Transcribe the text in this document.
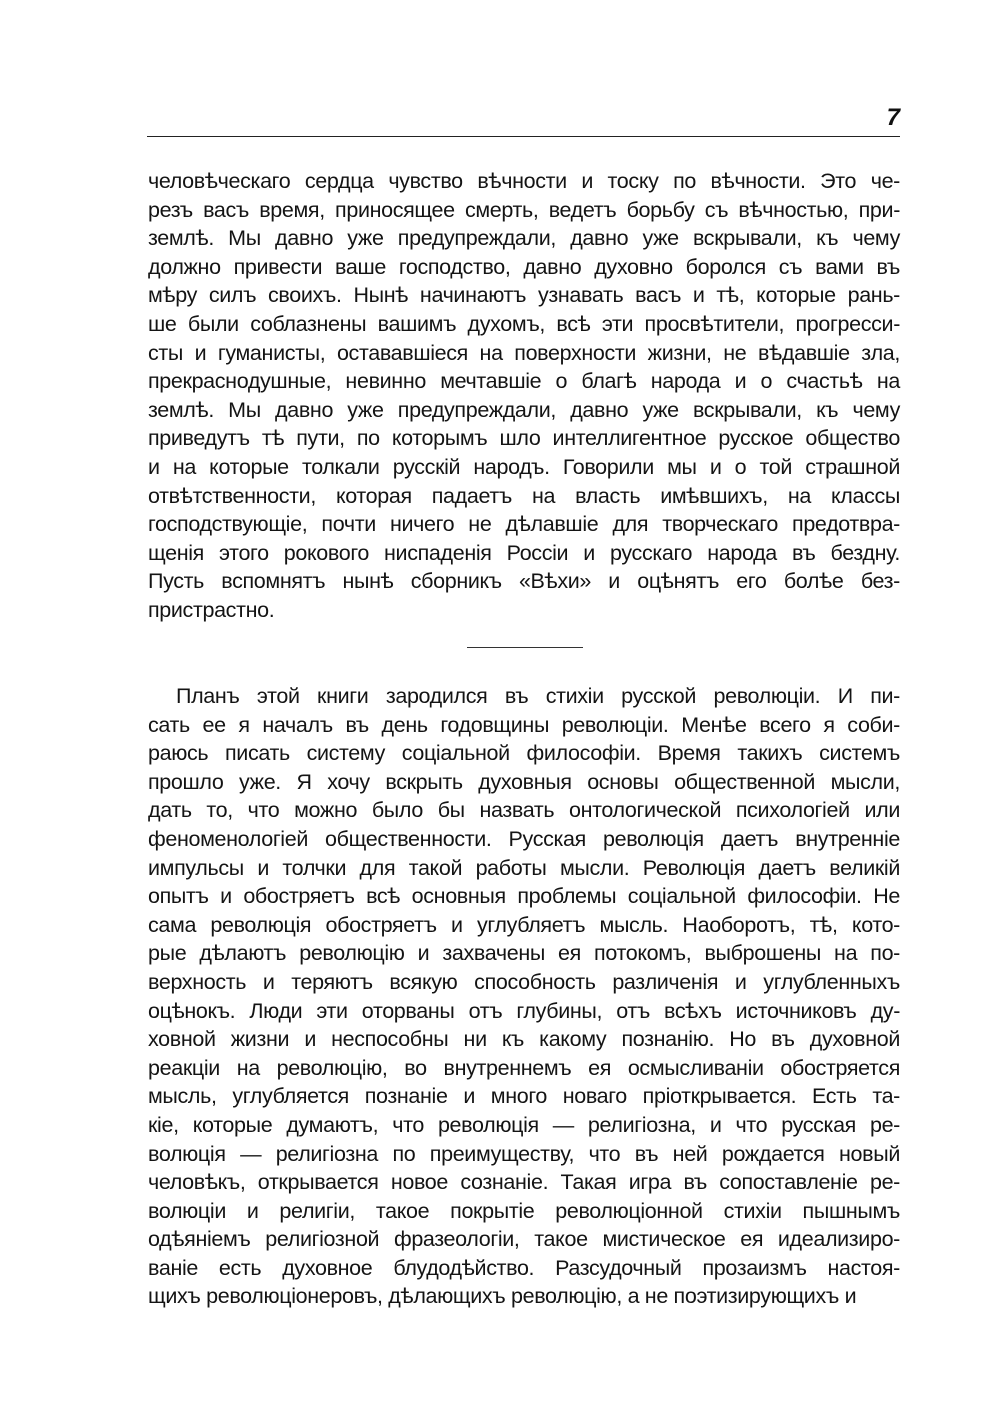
7
человѣческаго сердца чувство вѣчности и тоску по вѣчности. Это че-
резъ васъ время, приносящее смерть, ведетъ борьбу съ вѣчностью, при-
землѣ. Мы давно уже предупреждали, давно уже вскрывали, къ чему
должно привести ваше господство, давно духовно боролся съ вами въ
мѣру силъ своихъ. Нынѣ начинаютъ узнавать васъ и тѣ, которые рань-
ше были соблазнены вашимъ духомъ, всѣ эти просвѣтители, прогресси-
сты и гуманисты, остававшіеся на поверхности жизни, не вѣдавшіе зла,
прекраснодушные, невинно мечтавшіе о благѣ народа и о счастьѣ на
землѣ. Мы давно уже предупреждали, давно уже вскрывали, къ чему
приведутъ тѣ пути, по которымъ шло интеллигентное русское общество
и на которые толкали русскій народъ. Говорили мы и о той страшной
отвѣтственности, которая падаетъ на власть имѣвшихъ, на классы
господствующіе, почти ничего не дѣлавшіе для творческаго предотвра-
щенія этого рокового ниспаденія Россіи и русскаго народа въ бездну.
Пусть вспомнятъ нынѣ сборникъ «Вѣхи» и оцѣнятъ его болѣе без-
пристрастно.
Планъ этой книги зародился въ стихіи русской революціи. И пи-
сать ее я началъ въ день годовщины революціи. Менѣе всего я соби-
раюсь писать систему соціальной философіи. Время такихъ системъ
прошло уже. Я хочу вскрыть духовныя основы общественной мысли,
дать то, что можно было бы назвать онтологической психологіей или
феноменологіей общественности. Русская революція даетъ внутренніе
импульсы и толчки для такой работы мысли. Революція даетъ великій
опытъ и обостряетъ всѣ основныя проблемы соціальной философіи. Не
сама революція обостряетъ и углубляетъ мысль. Наоборотъ, тѣ, кото-
рые дѣлаютъ революцію и захвачены ея потокомъ, выброшены на по-
верхность и теряютъ всякую способность различенія и углубленныхъ
оцѣнокъ. Люди эти оторваны отъ глубины, отъ всѣхъ источниковъ ду-
ховной жизни и неспособны ни къ какому познанію. Но въ духовной
реакціи на революцію, во внутреннемъ ея осмысливаніи обостряется
мысль, углубляется познаніе и много новаго пріоткрывается. Есть та-
кіе, которые думаютъ, что революція — религіозна, и что русская ре-
волюція — религіозна по преимуществу, что въ ней рождается новый
человѣкъ, открывается новое сознаніе. Такая игра въ сопоставленіе ре-
волюціи и религіи, такое покрытіе революціонной стихіи пышнымъ
одѣяніемъ религіозной фразеологіи, такое мистическое ея идеализиро-
ваніе есть духовное блудодѣйство. Разсудочный прозаизмъ настоя-
щихъ революціонеровъ, дѣлающихъ революцію, а не поэтизирующихъ и
